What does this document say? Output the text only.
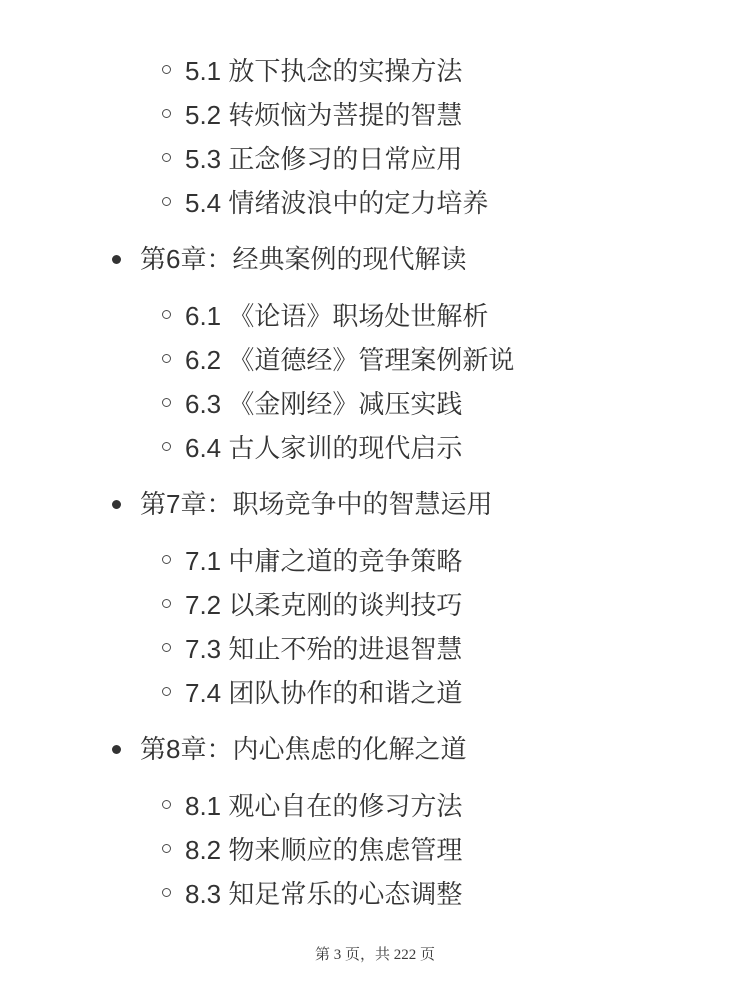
5.1 放下执念的实操方法
5.2 转烦恼为菩提的智慧
5.3 正念修习的日常应用
5.4 情绪波浪中的定力培养
第6章：经典案例的现代解读
6.1 《论语》职场处世解析
6.2 《道德经》管理案例新说
6.3 《金刚经》减压实践
6.4 古人家训的现代启示
第7章：职场竞争中的智慧运用
7.1 中庸之道的竞争策略
7.2 以柔克刚的谈判技巧
7.3 知止不殆的进退智慧
7.4 团队协作的和谐之道
第8章：内心焦虑的化解之道
8.1 观心自在的修习方法
8.2 物来顺应的焦虑管理
8.3 知足常乐的心态调整
第 3 页，共 222 页
